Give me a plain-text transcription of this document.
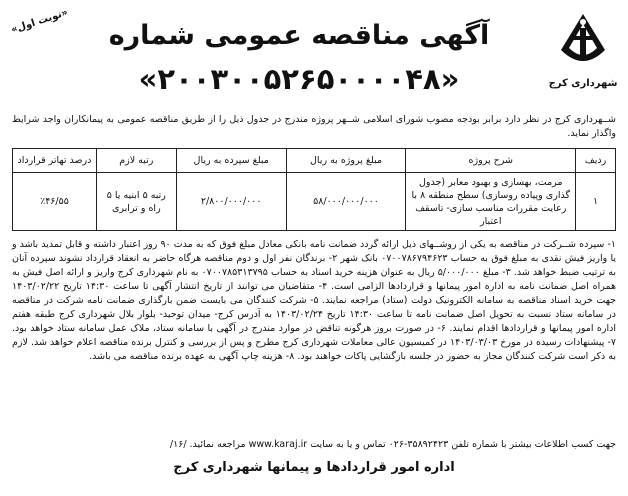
شهرداری کرج
«نوبت اول»	آگهی مناقصه عمومی شماره
«۲۰۰۳۰۰۵۲۶۵۰۰۰۰۴۸»

شــهرداری کرج در نظر دارد برابر بودجه مصوب شورای اسلامی شــهر پروژه مندرج در جدول ذیل را از طریق مناقصه عمومی به پیمانکاران واجد شرایط واگذار نماید.

ردیف	شرح پروژه	مبلغ پروژه به ریال	مبلغ سپرده به ریال	رتبه لازم	درصد تهاتر قرارداد
۱	مرمت، بهسازی و بهبود معابر (جدول گذاری وپیاده روسازی) سطح منطقه ۸ با رعایت مقررات مناسب سازی- تاسقف اعتبار	۵۸/۰۰۰/۰۰۰/۰۰۰	۲/۸۰۰/۰۰۰/۰۰۰	رتبه ۵ ابنیه یا ۵ راه و ترابری	٪۴۶/۵۵

۱- سپرده شــرکت در مناقصه به یکی از روشــهای ذیل ارائه گردد ضمانت نامه بانکی معادل مبلغ فوق که به مدت ۹۰ روز اعتبار داشته و قابل تمدید باشد و یا واریز فیش نقدی به مبلغ فوق به حساب ۰۷۰۰۷۸۶۷۹۴۶۲۳ بانک شهر ۲- برندگان نفر اول و دوم مناقصه هرگاه حاضر به انعقاد قرارداد نشوند سپرده آنان به ترتیب ضبط خواهد شد. ۳- مبلغ ۵/۰۰۰/۰۰۰ ریال به عنوان هزینه خرید اسناد به حساب ۰۷۰۰۷۸۵۳۱۳۷۹۵ به نام شهرداری کرج واریز و ارائه اصل فیش به همراه اصل ضمانت نامه به اداره امور پیمانها و قراردادها الزامی است. ۴- متقاضیان می توانند از تاریخ انتشار آگهی تا ساعت ۱۴:۳۰ تاریخ ۱۴۰۳/۰۲/۲۲ جهت خرید اسناد مناقصه به سامانه الکترونیک دولت (ستاد) مراجعه نمایند. ۵- شرکت کنندگان می بایست ضمن بارگذاری ضمانت نامه شرکت در مناقصه در سامانه ستاد نسبت به تحویل اصل ضمانت نامه تا ساعت ۱۴:۳۰ تاریخ ۱۴۰۳/۰۲/۲۴ به آدرس کرج- میدان توحید- بلوار بلال شهرداری کرج طبقه هفتم اداره امور پیمانها و قراردادها اقدام نمایند. ۶- در صورت بروز هرگونه تناقض در موارد مندرج در آگهی با سامانه ستاد، ملاک عمل سامانه ستاد خواهد بود. ۷- پیشنهادات رسیده در مورخ ۱۴۰۳/۰۳/۰۳ در کمیسیون عالی معاملات شهرداری کرج مطرح و پس از بررسی و کنترل برنده مناقصه اعلام خواهد شد. لازم به ذکر است شرکت کنندگان مجاز به حضور در جلسه بازگشایی پاکات خواهند بود. ۸- هزینه چاپ آگهی به عهده برنده مناقصه می باشد.

جهت کسب اطلاعات بیشتر با شماره تلفن ۳۵۸۹۲۴۲۳-۰۲۶ تماس و یا به سایت www.karaj.ir مراجعه نمائید. /۱۶/

اداره امور قراردادها و پیمانها شهرداری کرج
